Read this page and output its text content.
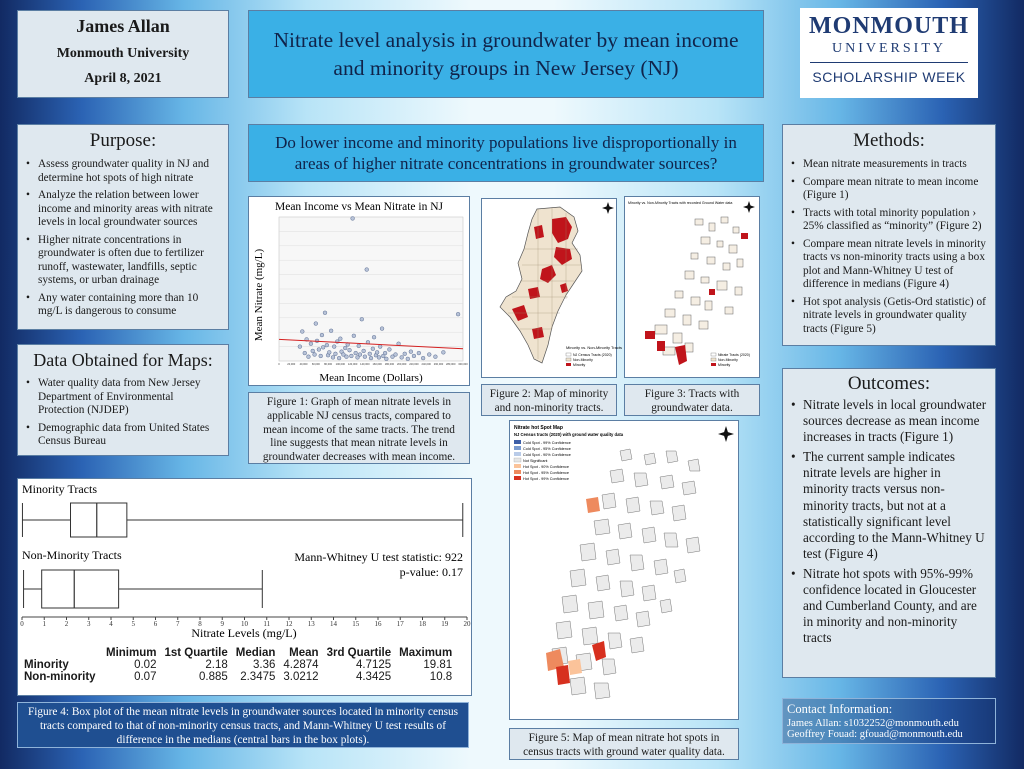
James Allan
Monmouth University
April 8, 2021
Nitrate level analysis in groundwater by mean income and minority groups in New Jersey (NJ)
MONMOUTH
UNIVERSITY
SCHOLARSHIP WEEK
Purpose:
• Assess groundwater quality in NJ and determine hot spots of high nitrate
• Analyze the relation between lower income and minority areas with nitrate levels in local groundwater sources
• Higher nitrate concentrations in groundwater is often due to fertilizer runoff, wastewater, landfills, septic systems, or urban drainage
• Any water containing more than 10 mg/L is dangerous to consume
Data Obtained for Maps:
• Water quality data from New Jersey Department of Environmental Protection (NJDEP)
• Demographic data from United States Census Bureau
Do lower income and minority populations live disproportionally in areas of higher nitrate concentrations in groundwater sources?
Mean Income vs Mean Nitrate in NJ
Mean Nitrate (mg/L)
Mean Income (Dollars)
0	20,000 40,000 60,000 80,000 100,000 120,000 140,000 160,000 180,000 200,000 220,000 240,000 260,000 280,000 300,000
Figure 1: Graph of mean nitrate levels in applicable NJ census tracts, compared to mean income of the same tracts. The trend line suggests that mean nitrate levels in groundwater decreases with mean income.
Minority vs. Non-Minority Tracts
NJ Census Tracts (2020)
Non-Minority
Minority
Figure 2: Map of minority and non-minority tracts.
Minority vs. Non-Minority Tracts with recorded Ground Water data
Nitrate Tracts (2020)
Non-Minority
Minority
Figure 3: Tracts with groundwater data.
Nitrate hot Spot Map
NJ Census tracts (2020) with ground water quality data
Cold Spot - 99% Confidence
Cold Spot - 95% Confidence
Cold Spot - 90% Confidence
Not Significant
Hot Spot - 90% Confidence
Hot Spot - 95% Confidence
Hot Spot - 99% Confidence
Figure 5: Map of mean nitrate hot spots in census tracts with ground water quality data.
Minority Tracts
Non-Minority Tracts	Mann-Whitney U test statistic: 922
p-value: 0.17
0	1	2	3	4	5	6	7	8	9 10 11 12 13 14 15 16 17 18 19 20
Nitrate Levels (mg/L)
	Minimum	1st Quartile	Median	Mean	3rd Quartile	Maximum
Minority	0.02	2.18	3.36	4.2874	4.7125	19.81
Non-minority	0.07	0.885	2.3475	3.0212	4.3425	10.8
Figure 4: Box plot of the mean nitrate levels in groundwater sources located in minority census tracts compared to that of non-minority census tracts, and Mann-Whitney U test results of difference in the medians (central bars in the box plots).
Methods:
• Mean nitrate measurements in tracts
• Compare mean nitrate to mean income (Figure 1)
• Tracts with total minority population › 25% classified as “minority” (Figure 2)
• Compare mean nitrate levels in minority tracts vs non-minority tracts using a box plot and Mann-Whitney U test of difference in medians (Figure 4)
• Hot spot analysis (Getis-Ord statistic) of nitrate levels in groundwater quality tracts (Figure 5)
Outcomes:
• Nitrate levels in local groundwater sources decrease as mean income increases in tracts (Figure 1)
• The current sample indicates nitrate levels are higher in minority tracts versus non-minority tracts, but not at a statistically significant level according to the Mann-Whitney U test (Figure 4)
• Nitrate hot spots with 95%-99% confidence located in Gloucester and Cumberland County, and are in minority and non-minority tracts
Contact Information:
James Allan: s1032252@monmouth.edu
Geoffrey Fouad: gfouad@monmouth.edu
